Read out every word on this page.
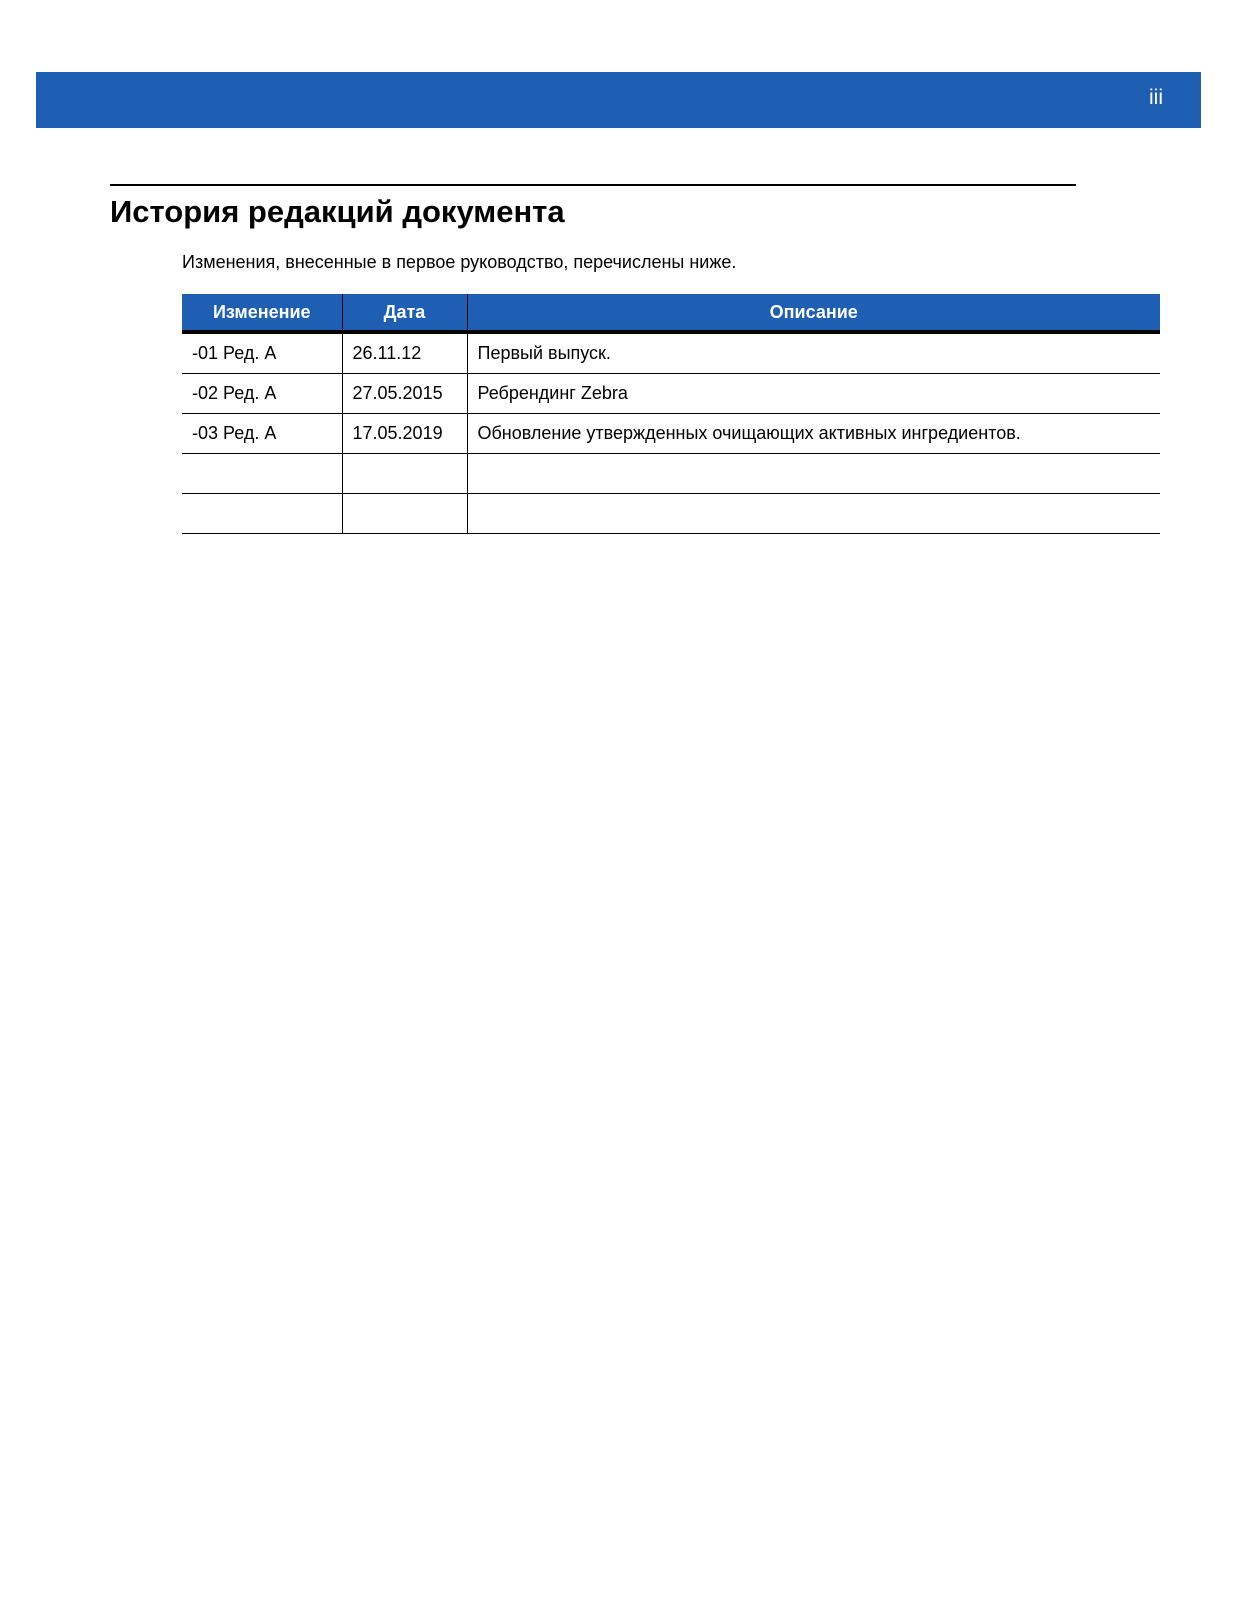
iii
История редакций документа

Изменения, внесенные в первое руководство, перечислены ниже.

Изменение	Дата	Описание
-01 Ред. A	26.11.12	Первый выпуск.
-02 Ред. A	27.05.2015	Ребрендинг Zebra
-03 Ред. A	17.05.2019	Обновление утвержденных очищающих активных ингредиентов.
